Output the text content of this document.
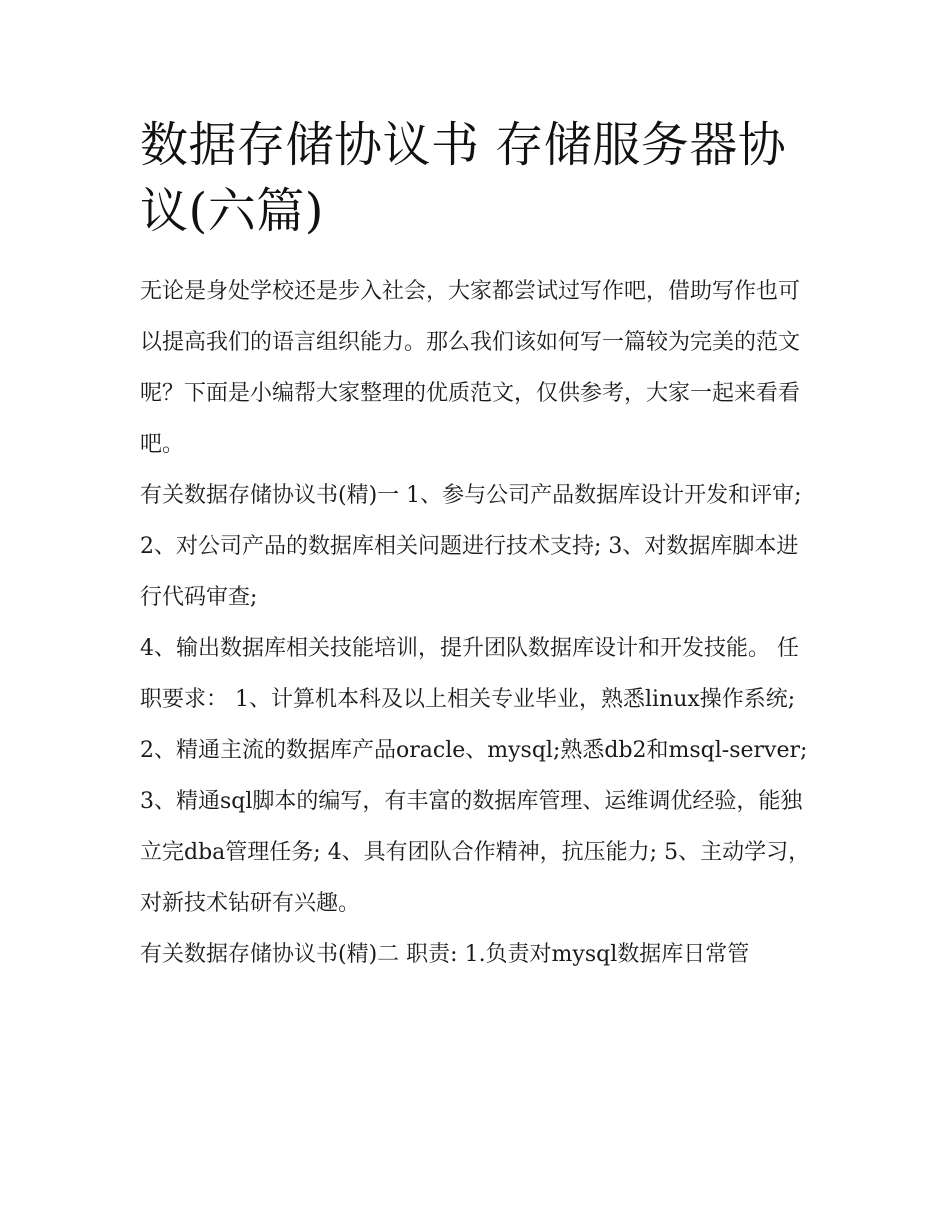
数据存储协议书 存储服务器协议(六篇)

无论是身处学校还是步入社会，大家都尝试过写作吧，借助写作也可以提高我们的语言组织能力。那么我们该如何写一篇较为完美的范文呢？下面是小编帮大家整理的优质范文，仅供参考，大家一起来看看吧。

有关数据存储协议书(精)一 1、参与公司产品数据库设计开发和评审; 2、对公司产品的数据库相关问题进行技术支持; 3、对数据库脚本进行代码审查;

4、输出数据库相关技能培训，提升团队数据库设计和开发技能。 任职要求： 1、计算机本科及以上相关专业毕业，熟悉linux操作系统;

2、精通主流的数据库产品oracle、mysql;熟悉db2和msql-server;

3、精通sql脚本的编写，有丰富的数据库管理、运维调优经验，能独立完dba管理任务; 4、具有团队合作精神，抗压能力; 5、主动学习，对新技术钻研有兴趣。

有关数据存储协议书(精)二 职责: 1.负责对mysql数据库日常管
